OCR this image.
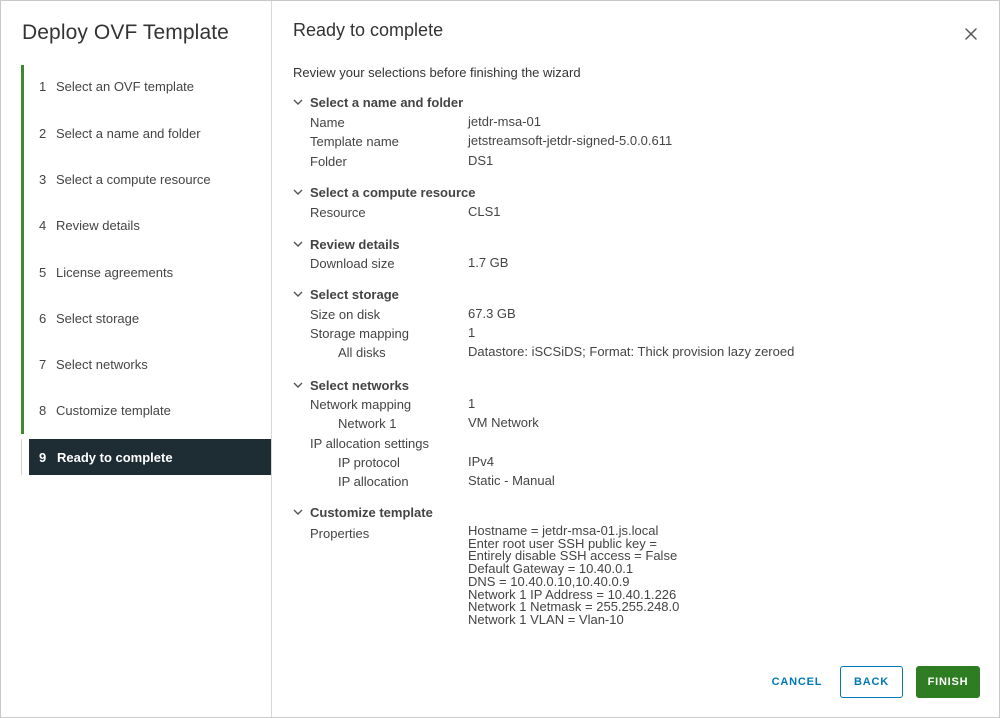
Deploy OVF Template
1 Select an OVF template
2 Select a name and folder
3 Select a compute resource
4 Review details
5 License agreements
6 Select storage
7 Select networks
8 Customize template
9 Ready to complete
Ready to complete
Review your selections before finishing the wizard
Select a name and folder
Name	jetdr-msa-01
Template name	jetstreamsoft-jetdr-signed-5.0.0.611
Folder	DS1
Select a compute resource
Resource	CLS1
Review details
Download size	1.7 GB
Select storage
Size on disk	67.3 GB
Storage mapping	1
All disks	Datastore: iSCSiDS; Format: Thick provision lazy zeroed
Select networks
Network mapping	1
Network 1	VM Network
IP allocation settings
IP protocol	IPv4
IP allocation	Static - Manual
Customize template
Properties	Hostname = jetdr-msa-01.js.local
Enter root user SSH public key =
Entirely disable SSH access = False
Default Gateway = 10.40.0.1
DNS = 10.40.0.10,10.40.0.9
Network 1 IP Address = 10.40.1.226
Network 1 Netmask = 255.255.248.0
Network 1 VLAN = Vlan-10
CANCEL	BACK	FINISH
